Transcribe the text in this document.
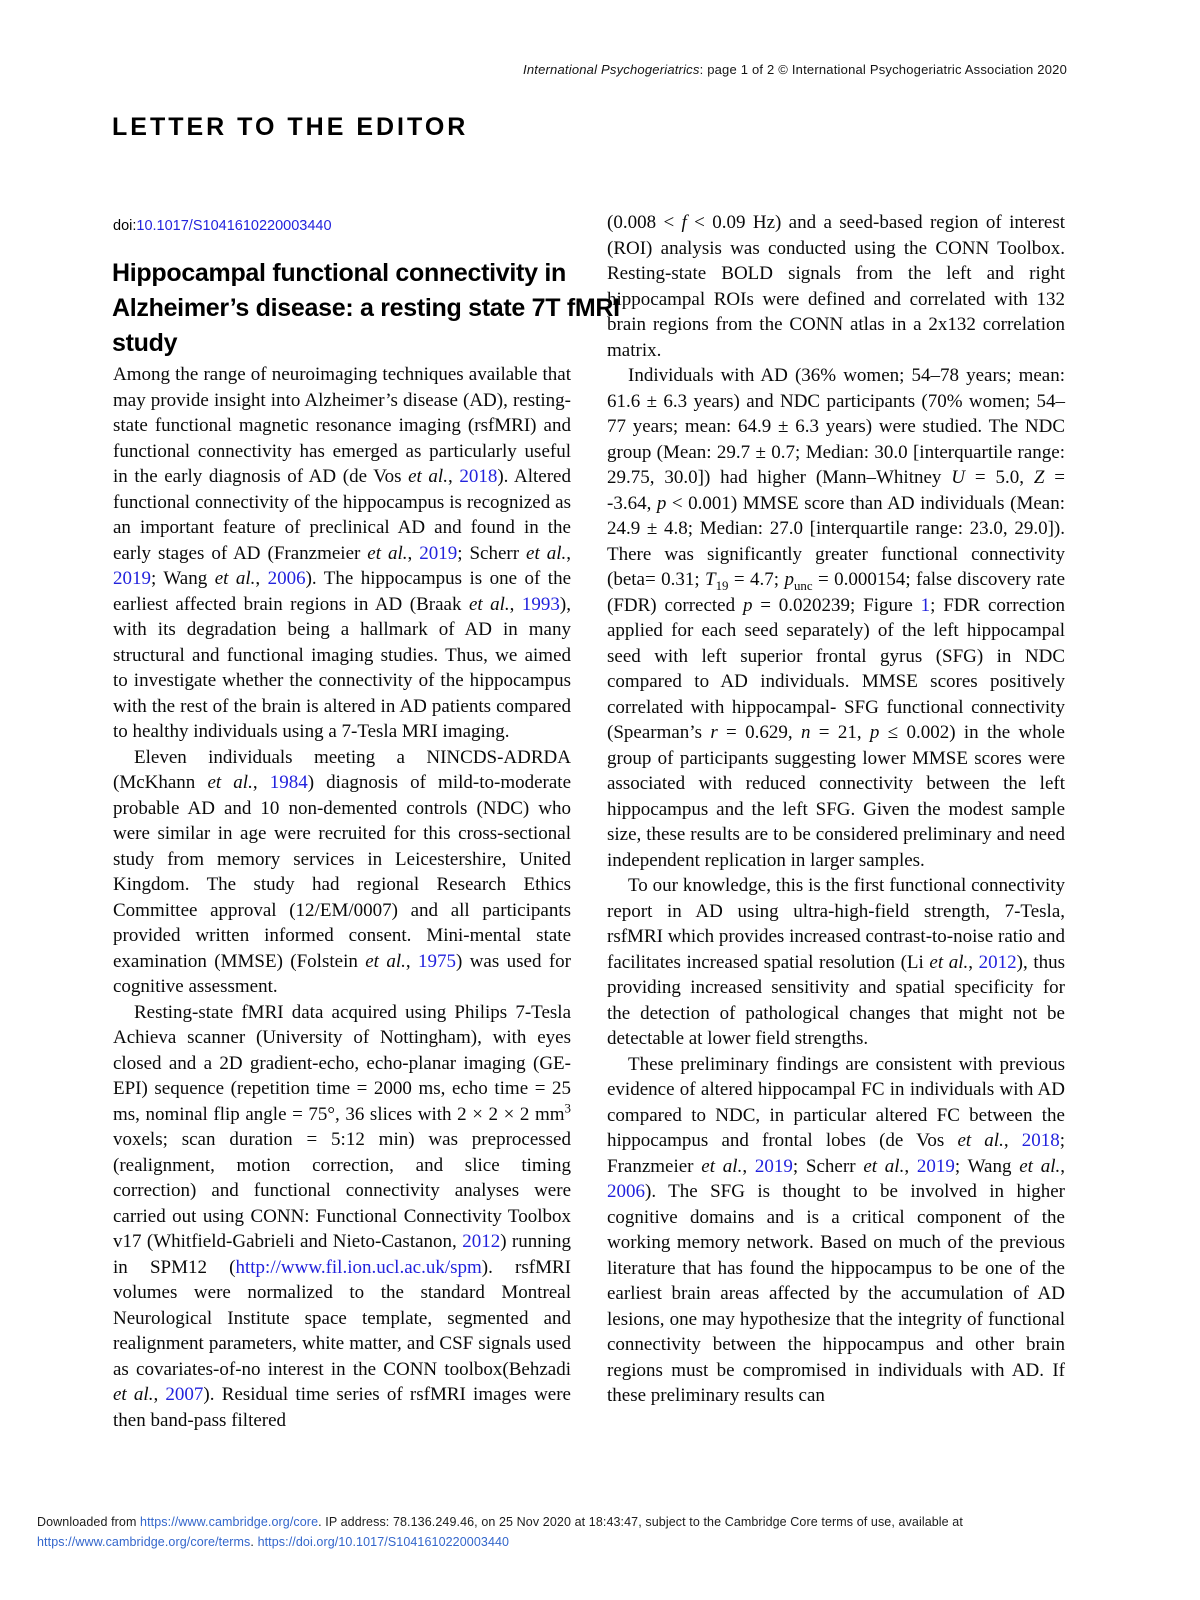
International Psychogeriatrics: page 1 of 2 © International Psychogeriatric Association 2020
LETTER TO THE EDITOR
doi:10.1017/S1041610220003440
Hippocampal functional connectivity in
Alzheimer’s disease: a resting state 7T fMRI
study

Among the range of neuroimaging techniques available that may provide insight into Alzheimer’s disease (AD), resting-state functional magnetic resonance imaging (rsfMRI) and functional connectivity has emerged as particularly useful in the early diagnosis of AD (de Vos et al., 2018). Altered functional connectivity of the hippocampus is recognized as an important feature of preclinical AD and found in the early stages of AD (Franzmeier et al., 2019; Scherr et al., 2019; Wang et al., 2006). The hippocampus is one of the earliest affected brain regions in AD (Braak et al., 1993), with its degradation being a hallmark of AD in many structural and functional imaging studies. Thus, we aimed to investigate whether the connectivity of the hippocampus with the rest of the brain is altered in AD patients compared to healthy individuals using a 7-Tesla MRI imaging.

Eleven individuals meeting a NINCDS-ADRDA (McKhann et al., 1984) diagnosis of mild-to-moderate probable AD and 10 non-demented controls (NDC) who were similar in age were recruited for this cross-sectional study from memory services in Leicestershire, United Kingdom. The study had regional Research Ethics Committee approval (12/EM/0007) and all participants provided written informed consent. Mini-mental state examination (MMSE) (Folstein et al., 1975) was used for cognitive assessment.

Resting-state fMRI data acquired using Philips 7-Tesla Achieva scanner (University of Nottingham), with eyes closed and a 2D gradient-echo, echo-planar imaging (GE-EPI) sequence (repetition time = 2000 ms, echo time = 25 ms, nominal flip angle = 75°, 36 slices with 2 × 2 × 2 $mm^3$ voxels; scan duration = 5:12 min) was preprocessed (realignment, motion correction, and slice timing correction) and functional connectivity analyses were carried out using CONN: Functional Connectivity Toolbox v17 (Whitfield-Gabrieli and Nieto-Castanon, 2012) running in SPM12 (http://www.fil.ion.ucl.ac.uk/spm). rsfMRI volumes were normalized to the standard Montreal Neurological Institute space template, segmented and realignment parameters, white matter, and CSF signals used as covariates-of-no interest in the CONN toolbox(Behzadi et al., 2007). Residual time series of rsfMRI images were then band-pass filtered

(0.008 < f < 0.09 Hz) and a seed-based region of interest (ROI) analysis was conducted using the CONN Toolbox. Resting-state BOLD signals from the left and right hippocampal ROIs were defined and correlated with 132 brain regions from the CONN atlas in a 2x132 correlation matrix.

Individuals with AD (36% women; 54–78 years; mean: 61.6 ± 6.3 years) and NDC participants (70% women; 54–77 years; mean: 64.9 ± 6.3 years) were studied. The NDC group (Mean: 29.7 ± 0.7; Median: 30.0 [interquartile range: 29.75, 30.0]) had higher (Mann–Whitney U = 5.0, Z = -3.64, p < 0.001) MMSE score than AD individuals (Mean: 24.9 ± 4.8; Median: 27.0 [interquartile range: 23.0, 29.0]). There was significantly greater functional connectivity (beta= 0.31; $T_{19} = 4.7$; $p_{unc} = 0.000154$; false discovery rate (FDR) corrected p = 0.020239; Figure 1; FDR correction applied for each seed separately) of the left hippocampal seed with left superior frontal gyrus (SFG) in NDC compared to AD individuals. MMSE scores positively correlated with hippocampal- SFG functional connectivity (Spearman’s r = 0.629, n = 21, p ≤ 0.002) in the whole group of participants suggesting lower MMSE scores were associated with reduced connectivity between the left hippocampus and the left SFG. Given the modest sample size, these results are to be considered preliminary and need independent replication in larger samples.

To our knowledge, this is the first functional connectivity report in AD using ultra-high-field strength, 7-Tesla, rsfMRI which provides increased contrast-to-noise ratio and facilitates increased spatial resolution (Li et al., 2012), thus providing increased sensitivity and spatial specificity for the detection of pathological changes that might not be detectable at lower field strengths.

These preliminary findings are consistent with previous evidence of altered hippocampal FC in individuals with AD compared to NDC, in particular altered FC between the hippocampus and frontal lobes (de Vos et al., 2018; Franzmeier et al., 2019; Scherr et al., 2019; Wang et al., 2006). The SFG is thought to be involved in higher cognitive domains and is a critical component of the working memory network. Based on much of the previous literature that has found the hippocampus to be one of the earliest brain areas affected by the accumulation of AD lesions, one may hypothesize that the integrity of functional connectivity between the hippocampus and other brain regions must be compromised in individuals with AD. If these preliminary results can

Downloaded from https://www.cambridge.org/core. IP address: 78.136.249.46, on 25 Nov 2020 at 18:43:47, subject to the Cambridge Core terms of use, available at
https://www.cambridge.org/core/terms. https://doi.org/10.1017/S1041610220003440
